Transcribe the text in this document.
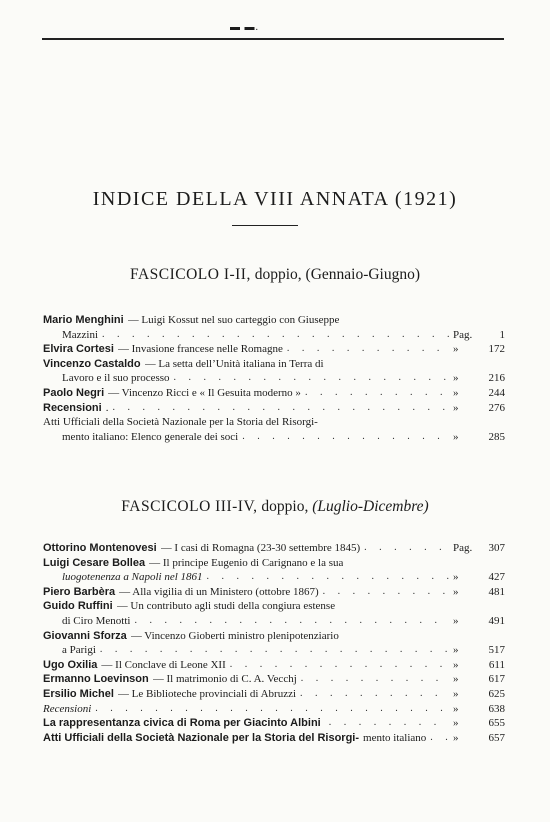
▬ ▬.
INDICE DELLA VIII ANNATA (1921)
FASCICOLO I-II, doppio, (Gennaio-Giugno)
Mario Menghini — Luigi Kossut nel suo carteggio con Giuseppe
Mazzini . . .	Pag.	1
Elvira Cortesi — Invasione francese nelle Romagne . . .	»	172
Vincenzo Castaldo — La setta dell’Unità italiana in Terra di
Lavoro e il suo processo . . .	»	216
Paolo Negri — Vincenzo Ricci e « Il Gesuita moderno » . . .	»	244
Recensioni . . . .	»	276
Atti Ufficiali della Società Nazionale per la Storia del Risorgi-
mento italiano: Elenco generale dei soci . . .	»	285
FASCICOLO III-IV, doppio, (Luglio-Dicembre)
Ottorino Montenovesi — I casi di Romagna (23-30 settembre 1845) . . .	Pag.	307
Luigi Cesare Bollea — Il principe Eugenio di Carignano e la sua
luogotenenza a Napoli nel 1861 . . .	»	427
Piero Barbèra — Alla vigilia di un Ministero (ottobre 1867) . . .	»	481
Guido Ruffini — Un contributo agli studi della congiura estense
di Ciro Menotti . . .	»	491
Giovanni Sforza — Vincenzo Gioberti ministro plenipotenziario
a Parigi . . .	»	517
Ugo Oxilia — Il Conclave di Leone XII . . .	»	611
Ermanno Loevinson — Il matrimonio di C. A. Vecchj . . .	»	617
Ersilio Michel — Le Biblioteche provinciali di Abruzzi . . .	»	625
Recensioni . . .	»	638
La rappresentanza civica di Roma per Giacinto Albini . . .	»	655
Atti Ufficiali della Società Nazionale per la Storia del Risorgi- mento italiano . . . »	657
